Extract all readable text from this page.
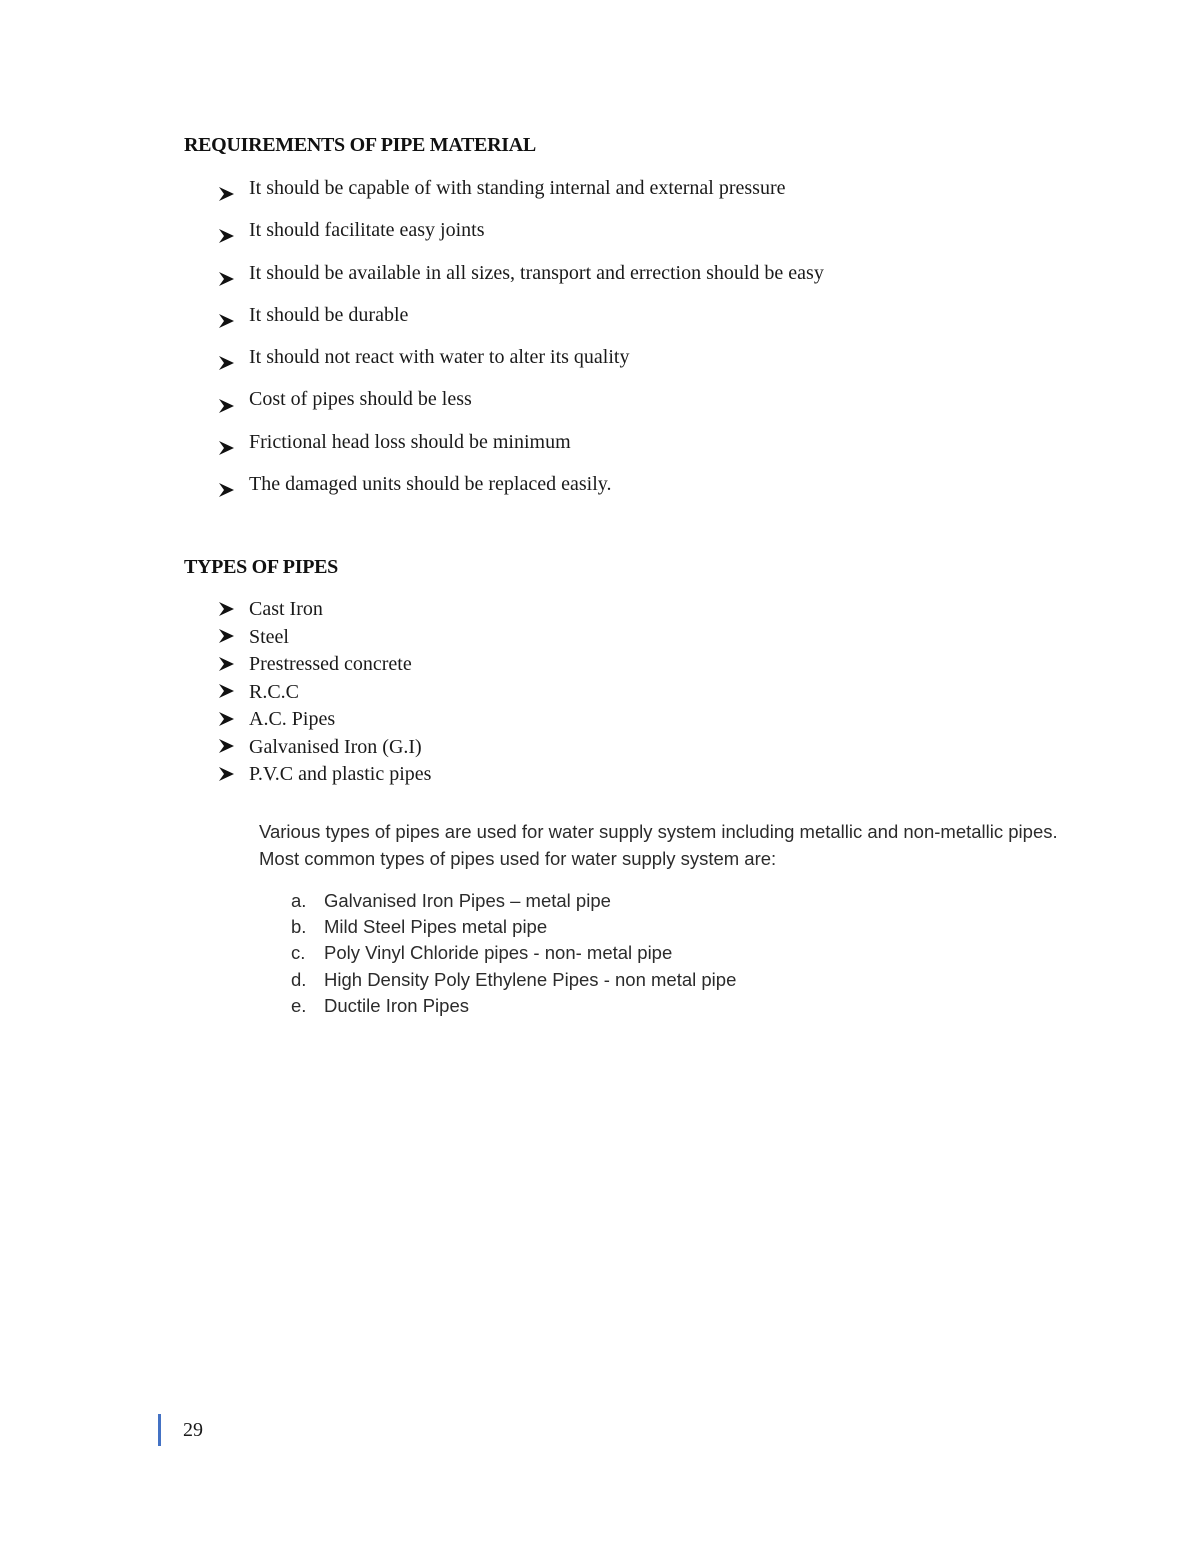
REQUIREMENTS OF PIPE MATERIAL
It should be capable of with standing internal and external pressure
It should facilitate easy joints
It should be available in all sizes, transport and errection should be easy
It should be durable
It should not react with water to alter its quality
Cost of pipes should be less
Frictional head loss should be minimum
The damaged units should be replaced easily.
TYPES OF PIPES
Cast Iron
Steel
Prestressed concrete
R.C.C
A.C. Pipes
Galvanised Iron (G.I)
P.V.C and plastic pipes

Various types of pipes are used for water supply system including metallic and non-metallic pipes. Most common types of pipes used for water supply system are:

a. Galvanised Iron Pipes – metal pipe
b. Mild Steel Pipes metal pipe
c. Poly Vinyl Chloride pipes - non- metal pipe
d. High Density Poly Ethylene Pipes - non metal pipe
e. Ductile Iron Pipes
29
